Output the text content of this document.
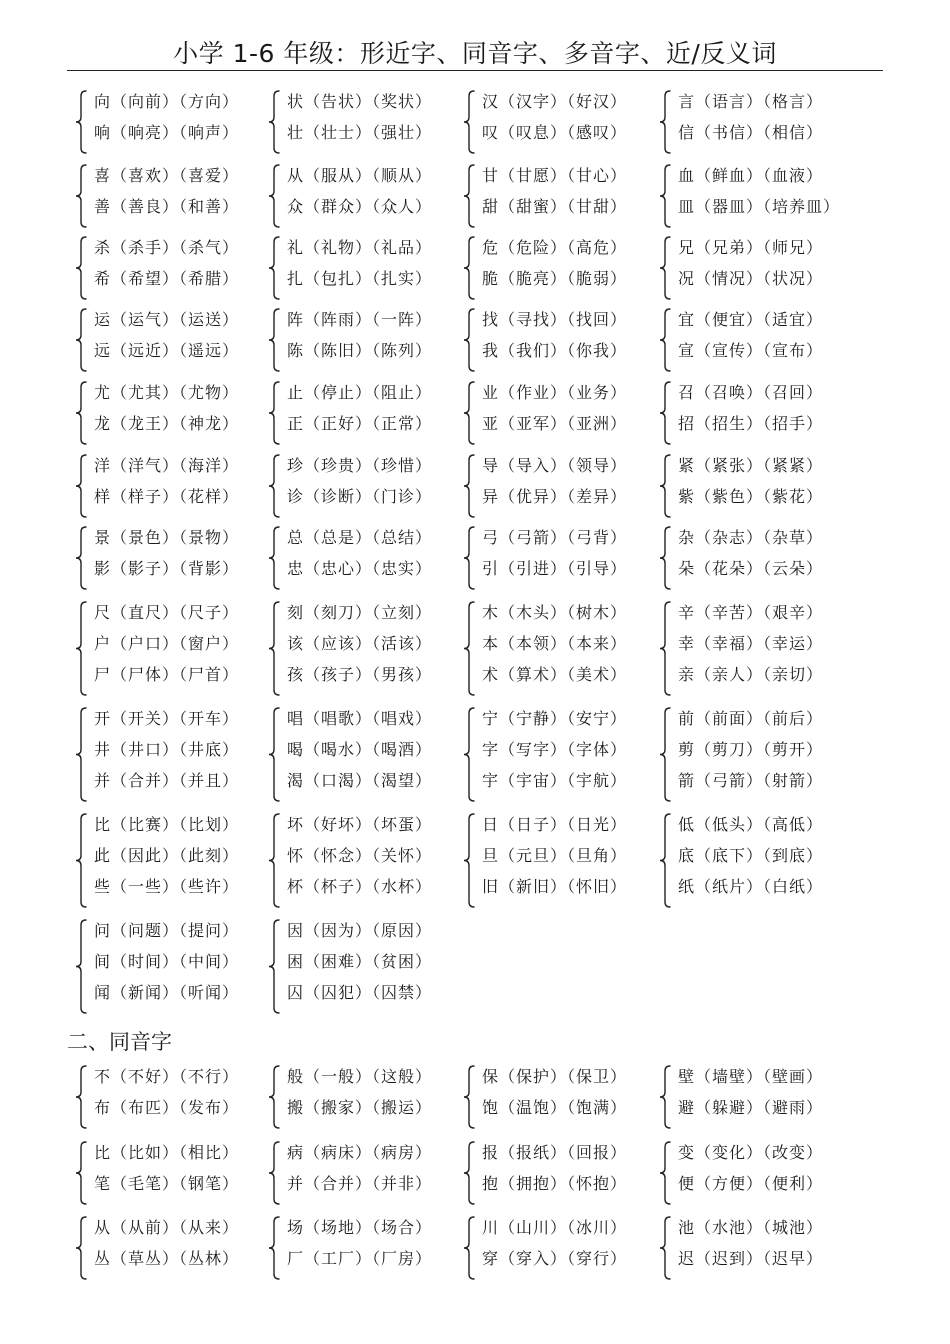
小学 1-6 年级：形近字、同音字、多音字、近/反义词
二、同音字
向（向前）（方向）
响（响亮）（响声）
状（告状）（奖状）
壮（壮士）（强壮）
汉（汉字）（好汉）
叹（叹息）（感叹）
言（语言）（格言）
信（书信）（相信）
喜（喜欢）（喜爱）
善（善良）（和善）
从（服从）（顺从）
众（群众）（众人）
甘（甘愿）（甘心）
甜（甜蜜）（甘甜）
血（鲜血）（血液）
皿（器皿）（培养皿）
杀（杀手）（杀气）
希（希望）（希腊）
礼（礼物）（礼品）
扎（包扎）（扎实）
危（危险）（高危）
脆（脆亮）（脆弱）
兄（兄弟）（师兄）
况（情况）（状况）
运（运气）（运送）
远（远近）（遥远）
阵（阵雨）（一阵）
陈（陈旧）（陈列）
找（寻找）（找回）
我（我们）（你我）
宜（便宜）（适宜）
宣（宣传）（宣布）
尤（尤其）（尤物）
龙（龙王）（神龙）
止（停止）（阻止）
正（正好）（正常）
业（作业）（业务）
亚（亚军）（亚洲）
召（召唤）（召回）
招（招生）（招手）
洋（洋气）（海洋）
样（样子）（花样）
珍（珍贵）（珍惜）
诊（诊断）（门诊）
导（导入）（领导）
异（优异）（差异）
紧（紧张）（紧紧）
紫（紫色）（紫花）
景（景色）（景物）
影（影子）（背影）
总（总是）（总结）
忠（忠心）（忠实）
弓（弓箭）（弓背）
引（引进）（引导）
杂（杂志）（杂草）
朵（花朵）（云朵）
尺（直尺）（尺子）
户（户口）（窗户）
尸（尸体）（尸首）
刻（刻刀）（立刻）
该（应该）（活该）
孩（孩子）（男孩）
木（木头）（树木）
本（本领）（本来）
术（算术）（美术）
辛（辛苦）（艰辛）
幸（幸福）（幸运）
亲（亲人）（亲切）
开（开关）（开车）
井（井口）（井底）
并（合并）（并且）
唱（唱歌）（唱戏）
喝（喝水）（喝酒）
渴（口渴）（渴望）
宁（宁静）（安宁）
字（写字）（字体）
宇（宇宙）（宇航）
前（前面）（前后）
剪（剪刀）（剪开）
箭（弓箭）（射箭）
比（比赛）（比划）
此（因此）（此刻）
些（一些）（些许）
坏（好坏）（坏蛋）
怀（怀念）（关怀）
杯（杯子）（水杯）
日（日子）（日光）
旦（元旦）（旦角）
旧（新旧）（怀旧）
低（低头）（高低）
底（底下）（到底）
纸（纸片）（白纸）
问（问题）（提问）
间（时间）（中间）
闻（新闻）（听闻）
因（因为）（原因）
困（困难）（贫困）
囚（囚犯）（囚禁）
不（不好）（不行）
布（布匹）（发布）
般（一般）（这般）
搬（搬家）（搬运）
保（保护）（保卫）
饱（温饱）（饱满）
壁（墙壁）（壁画）
避（躲避）（避雨）
比（比如）（相比）
笔（毛笔）（钢笔）
病（病床）（病房）
并（合并）（并非）
报（报纸）（回报）
抱（拥抱）（怀抱）
变（变化）（改变）
便（方便）（便利）
从（从前）（从来）
丛（草丛）（丛林）
场（场地）（场合）
厂（工厂）（厂房）
川（山川）（冰川）
穿（穿入）（穿行）
池（水池）（城池）
迟（迟到）（迟早）
